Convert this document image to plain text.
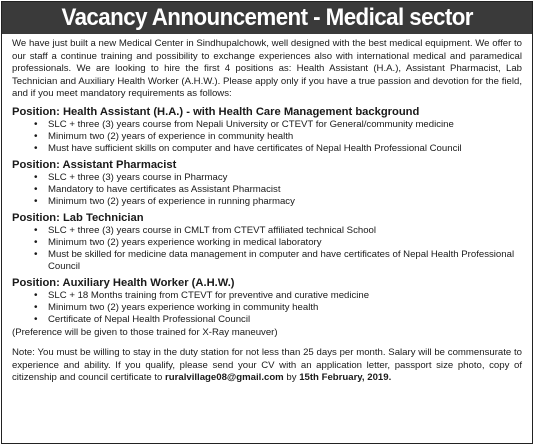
Vacancy Announcement - Medical sector

We have just built a new Medical Center in Sindhupalchowk, well designed with the best medical equipment. We offer to our staff a continue training and possibility to exchange experiences also with international medical and paramedical professionals. We are looking to hire the first 4 positions as: Health Assistant (H.A.), Assistant Pharmacist, Lab Technician and Auxiliary Health Worker (A.H.W.). Please apply only if you have a true passion and devotion for the field, and if you meet mandatory requirements as follows:

Position: Health Assistant (H.A.) - with Health Care Management background

• SLC + three (3) years course from Nepali University or CTEVT for General/community medicine
• Minimum two (2) years of experience in community health
• Must have sufficient skills on computer and have certificates of Nepal Health Professional Council

Position: Assistant Pharmacist

• SLC + three (3) years course in Pharmacy
• Mandatory to have certificates as Assistant Pharmacist
• Minimum two (2) years of experience in running pharmacy

Position: Lab Technician

• SLC + three (3) years course in CMLT from CTEVT affiliated technical School
• Minimum two (2) years experience working in medical laboratory
• Must be skilled for medicine data management in computer and have certificates of Nepal Health Professional Council

Position: Auxiliary Health Worker (A.H.W.)

• SLC + 18 Months training from CTEVT for preventive and curative medicine
• Minimum two (2) years experience working in community health
• Certificate of Nepal Health Professional Council

(Preference will be given to those trained for X-Ray maneuver)

Note: You must be willing to stay in the duty station for not less than 25 days per month. Salary will be commensurate to experience and ability. If you qualify, please send your CV with an application letter, passport size photo, copy of citizenship and council certificate to ruralvillage08@gmail.com by 15th February, 2019.
